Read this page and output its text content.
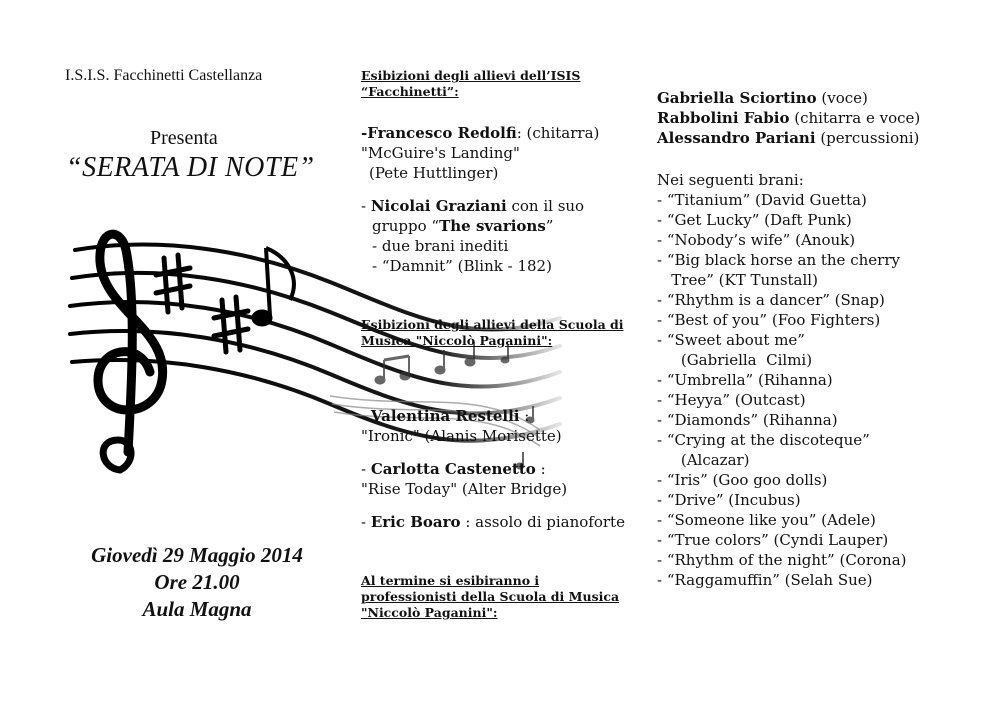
I.S.I.S. Facchinetti Castellanza
Presenta
“SERATA DI NOTE”
Giovedì 29 Maggio 2014
Ore 21.00
Aula Magna
Esibizioni degli allievi dell’ISIS
“Facchinetti”:
-Francesco Redolfi: (chitarra)
"McGuire's Landing"
(Pete Huttlinger)
- Nicolai Graziani con il suo
gruppo “The svarions”
- due brani inediti
- “Damnit” (Blink - 182)
Esibizioni degli allievi della Scuola di
Musica "Niccolò Paganini":
- Valentina Restelli :
"Ironic" (Alanis Morisette)
- Carlotta Castenetto :
"Rise Today" (Alter Bridge)
- Eric Boaro : assolo di pianoforte
Al termine si esibiranno i
professionisti della Scuola di Musica
"Niccolò Paganini":
Gabriella Sciortino (voce)
Rabbolini Fabio (chitarra e voce)
Alessandro Pariani (percussioni)
Nei seguenti brani:
- “Titanium” (David Guetta)
- “Get Lucky” (Daft Punk)
- “Nobody’s wife” (Anouk)
- “Big black horse an the cherry
Tree” (KT Tunstall)
- “Rhythm is a dancer” (Snap)
- “Best of you” (Foo Fighters)
- “Sweet about me”
(Gabriella  Cilmi)
- “Umbrella” (Rihanna)
- “Heyya” (Outcast)
- “Diamonds” (Rihanna)
- “Crying at the discoteque”
(Alcazar)
- “Iris” (Goo goo dolls)
- “Drive” (Incubus)
- “Someone like you” (Adele)
- “True colors” (Cyndi Lauper)
- “Rhythm of the night” (Corona)
- “Raggamuffin” (Selah Sue)
